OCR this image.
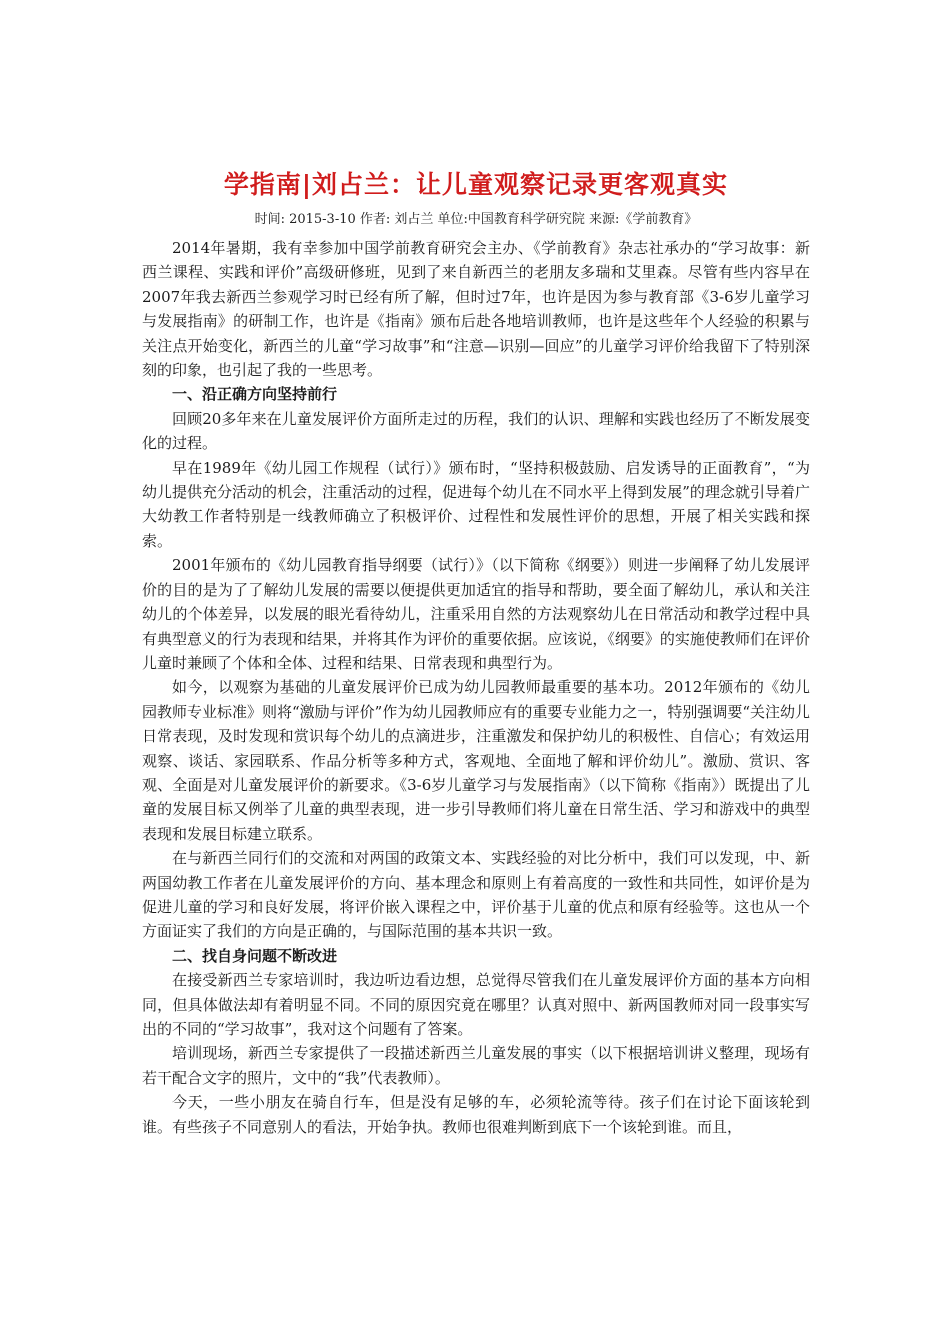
学指南|刘占兰：让儿童观察记录更客观真实
时间: 2015-3-10 作者: 刘占兰 单位:中国教育科学研究院 来源:《学前教育》

2014年暑期，我有幸参加中国学前教育研究会主办、《学前教育》杂志社承办的“学习故事：新西兰课程、实践和评价”高级研修班，见到了来自新西兰的老朋友多瑞和艾里森。尽管有些内容早在2007年我去新西兰参观学习时已经有所了解，但时过7年，也许是因为参与教育部《3-6岁儿童学习与发展指南》的研制工作，也许是《指南》颁布后赴各地培训教师，也许是这些年个人经验的积累与关注点开始变化，新西兰的儿童“学习故事”和“注意—识别—回应”的儿童学习评价给我留下了特别深刻的印象，也引起了我的一些思考。

一、沿正确方向坚持前行

回顾20多年来在儿童发展评价方面所走过的历程，我们的认识、理解和实践也经历了不断发展变化的过程。

早在1989年《幼儿园工作规程（试行）》颁布时，“坚持积极鼓励、启发诱导的正面教育”，“为幼儿提供充分活动的机会，注重活动的过程，促进每个幼儿在不同水平上得到发展”的理念就引导着广大幼教工作者特别是一线教师确立了积极评价、过程性和发展性评价的思想，开展了相关实践和探索。

2001年颁布的《幼儿园教育指导纲要（试行）》（以下简称《纲要》）则进一步阐释了幼儿发展评价的目的是为了了解幼儿发展的需要以便提供更加适宜的指导和帮助，要全面了解幼儿，承认和关注幼儿的个体差异，以发展的眼光看待幼儿，注重采用自然的方法观察幼儿在日常活动和教学过程中具有典型意义的行为表现和结果，并将其作为评价的重要依据。应该说，《纲要》的实施使教师们在评价儿童时兼顾了个体和全体、过程和结果、日常表现和典型行为。

如今，以观察为基础的儿童发展评价已成为幼儿园教师最重要的基本功。2012年颁布的《幼儿园教师专业标准》则将“激励与评价”作为幼儿园教师应有的重要专业能力之一，特别强调要“关注幼儿日常表现，及时发现和赏识每个幼儿的点滴进步，注重激发和保护幼儿的积极性、自信心；有效运用观察、谈话、家园联系、作品分析等多种方式，客观地、全面地了解和评价幼儿”。激励、赏识、客观、全面是对儿童发展评价的新要求。《3-6岁儿童学习与发展指南》（以下简称《指南》）既提出了儿童的发展目标又例举了儿童的典型表现，进一步引导教师们将儿童在日常生活、学习和游戏中的典型表现和发展目标建立联系。

在与新西兰同行们的交流和对两国的政策文本、实践经验的对比分析中，我们可以发现，中、新两国幼教工作者在儿童发展评价的方向、基本理念和原则上有着高度的一致性和共同性，如评价是为促进儿童的学习和良好发展，将评价嵌入课程之中，评价基于儿童的优点和原有经验等。这也从一个方面证实了我们的方向是正确的，与国际范围的基本共识一致。

二、找自身问题不断改进

在接受新西兰专家培训时，我边听边看边想，总觉得尽管我们在儿童发展评价方面的基本方向相同，但具体做法却有着明显不同。不同的原因究竟在哪里？认真对照中、新两国教师对同一段事实写出的不同的“学习故事”，我对这个问题有了答案。

培训现场，新西兰专家提供了一段描述新西兰儿童发展的事实（以下根据培训讲义整理，现场有若干配合文字的照片，文中的“我”代表教师）。

今天，一些小朋友在骑自行车，但是没有足够的车，必须轮流等待。孩子们在讨论下面该轮到谁。有些孩子不同意别人的看法，开始争执。教师也很难判断到底下一个该轮到谁。而且，
